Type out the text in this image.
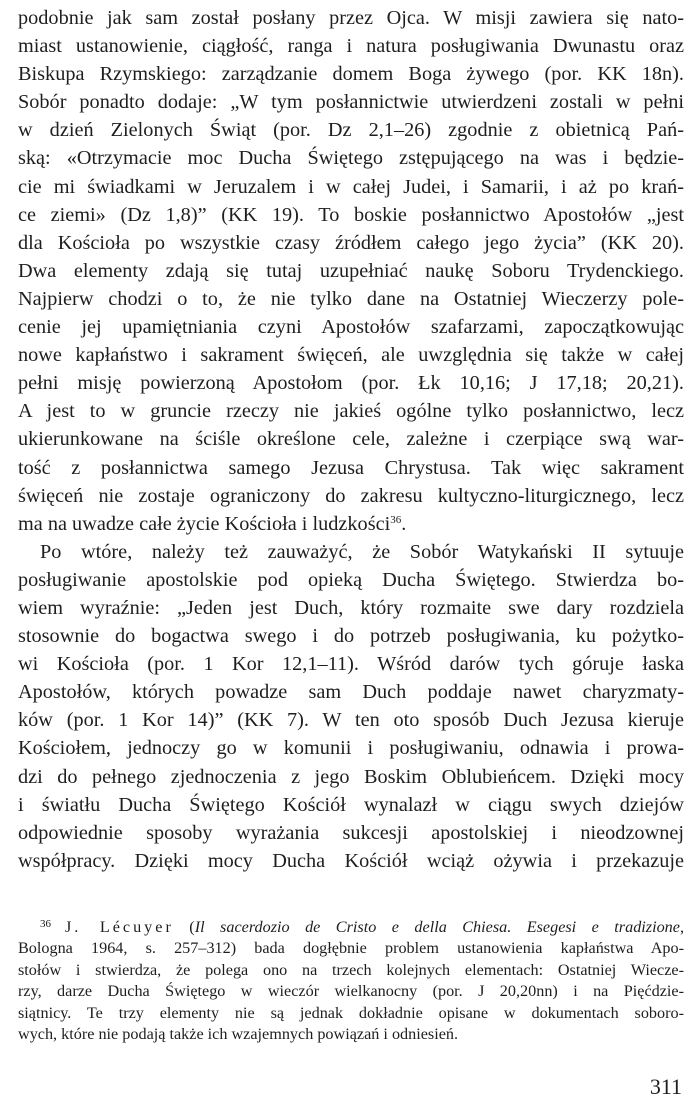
podobnie jak sam został posłany przez Ojca. W misji zawiera się nato-
miast ustanowienie, ciągłość, ranga i natura posługiwania Dwunastu oraz
Biskupa Rzymskiego: zarządzanie domem Boga żywego (por. KK 18n).
Sobór ponadto dodaje: „W tym posłannictwie utwierdzeni zostali w pełni
w dzień Zielonych Świąt (por. Dz 2,1–26) zgodnie z obietnicą Pań-
ską: «Otrzymacie moc Ducha Świętego zstępującego na was i będzie-
cie mi świadkami w Jeruzalem i w całej Judei, i Samarii, i aż po krań-
ce ziemi» (Dz 1,8)” (KK 19). To boskie posłannictwo Apostołów „jest
dla Kościoła po wszystkie czasy źródłem całego jego życia” (KK 20).
Dwa elementy zdają się tutaj uzupełniać naukę Soboru Trydenckiego.
Najpierw chodzi o to, że nie tylko dane na Ostatniej Wieczerzy pole-
cenie jej upamiętniania czyni Apostołów szafarzami, zapoczątkowując
nowe kapłaństwo i sakrament święceń, ale uwzględnia się także w całej
pełni misję powierzoną Apostołom (por. Łk 10,16; J 17,18; 20,21).
A jest to w gruncie rzeczy nie jakieś ogólne tylko posłannictwo, lecz
ukierunkowane na ściśle określone cele, zależne i czerpiące swą war-
tość z posłannictwa samego Jezusa Chrystusa. Tak więc sakrament
święceń nie zostaje ograniczony do zakresu kultyczno-liturgicznego, lecz
ma na uwadze całe życie Kościoła i ludzkości$^{36}$.
Po wtóre, należy też zauważyć, że Sobór Watykański II sytuuje
posługiwanie apostolskie pod opieką Ducha Świętego. Stwierdza bo-
wiem wyraźnie: „Jeden jest Duch, który rozmaite swe dary rozdziela
stosownie do bogactwa swego i do potrzeb posługiwania, ku pożytko-
wi Kościoła (por. 1 Kor 12,1–11). Wśród darów tych góruje łaska
Apostołów, których powadze sam Duch poddaje nawet charyzmaty-
ków (por. 1 Kor 14)” (KK 7). W ten oto sposób Duch Jezusa kieruje
Kościołem, jednoczy go w komunii i posługiwaniu, odnawia i prowa-
dzi do pełnego zjednoczenia z jego Boskim Oblubieńcem. Dzięki mocy
i światłu Ducha Świętego Kościół wynalazł w ciągu swych dziejów
odpowiednie sposoby wyrażania sukcesji apostolskiej i nieodzownej
współpracy. Dzięki mocy Ducha Kościół wciąż ożywia i przekazuje
$^{36}$ J. Lécuyer (Il sacerdozio de Cristo e della Chiesa. Esegesi e tradizione,
Bologna 1964, s. 257–312) bada dogłębnie problem ustanowienia kapłaństwa Apo-
stołów i stwierdza, że polega ono na trzech kolejnych elementach: Ostatniej Wiecze-
rzy, darze Ducha Świętego w wieczór wielkanocny (por. J 20,20nn) i na Pięćdzie-
siątnicy. Te trzy elementy nie są jednak dokładnie opisane w dokumentach soboro-
wych, które nie podają także ich wzajemnych powiązań i odniesień.
311
